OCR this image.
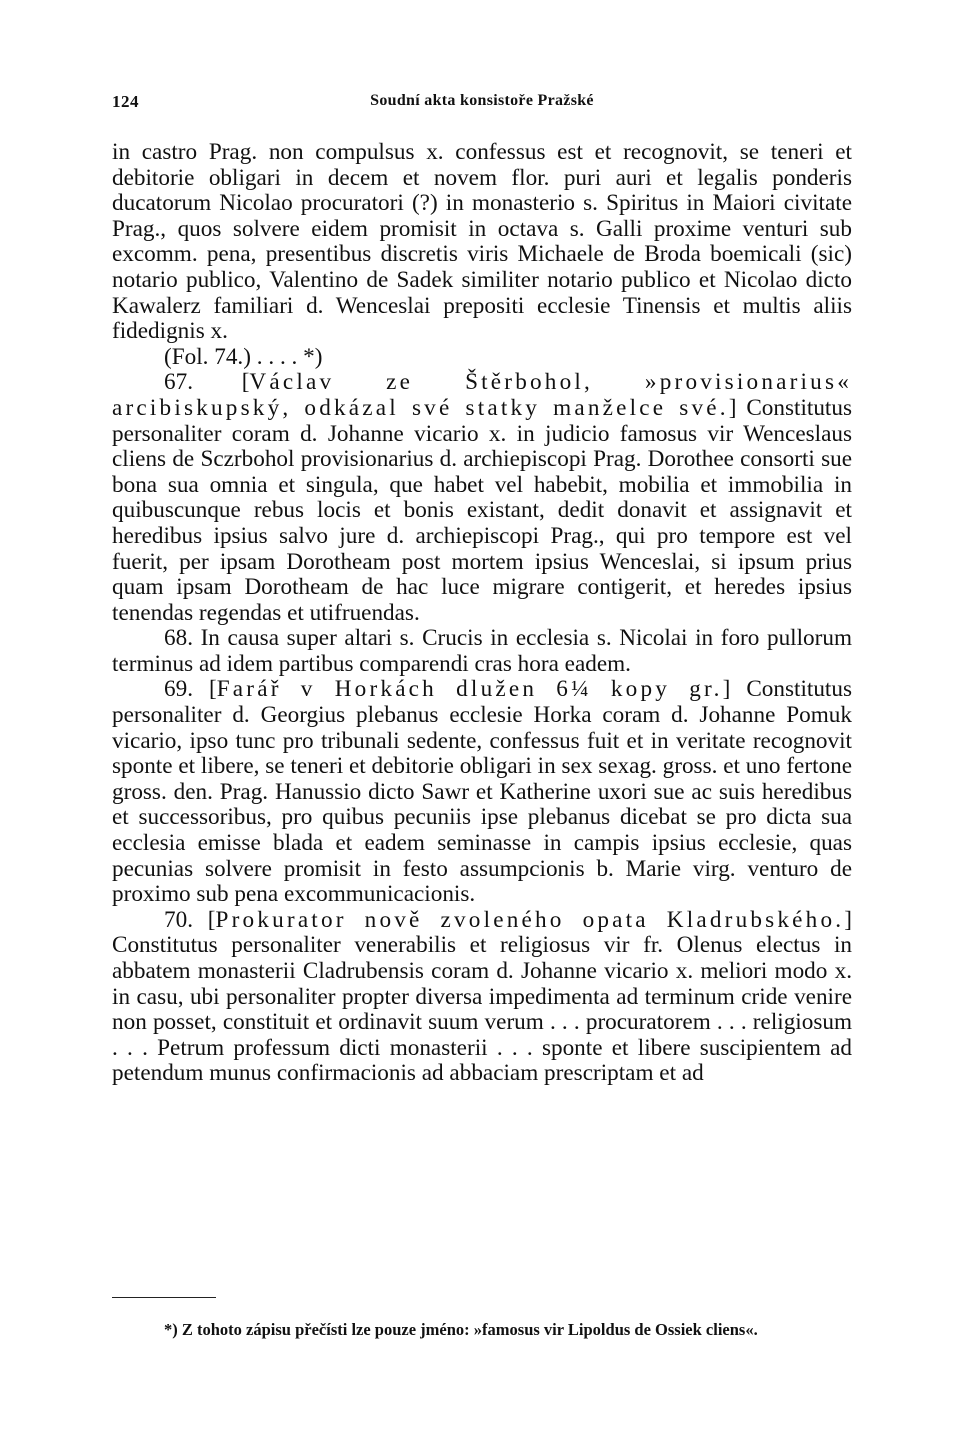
124	Soudní akta konsistoře Pražské

in castro Prag. non compulsus x. confessus est et recognovit, se teneri et debitorie obligari in decem et novem flor. puri auri et legalis ponderis ducatorum Nicolao procuratori (?) in monasterio s. Spiritus in Maiori civitate Prag., quos solvere eidem promisit in octava s. Galli proxime venturi sub excomm. pena, presentibus discretis viris Michaele de Broda boemicali (sic) notario publico, Valentino de Sadek similiter notario publico et Nicolao dicto Kawalerz familiari d. Wenceslai prepositi ecclesie Tinensis et multis aliis fidedignis x.

(Fol. 74.) . . . . *)

67. [Václav ze Štěrbohol, »provisionarius« arcibiskupský, odkázal své statky manželce své.] Constitutus personaliter coram d. Johanne vicario x. in judicio famosus vir Wenceslaus cliens de Sczrbohol provisionarius d. archiepiscopi Prag. Dorothee consorti sue bona sua omnia et singula, que habet vel habebit, mobilia et immobilia in quibuscunque rebus locis et bonis existant, dedit donavit et assignavit et heredibus ipsius salvo jure d. archiepiscopi Prag., qui pro tempore est vel fuerit, per ipsam Dorotheam post mortem ipsius Wenceslai, si ipsum prius quam ipsam Dorotheam de hac luce migrare contigerit, et heredes ipsius tenendas regendas et utifruendas.

68. In causa super altari s. Crucis in ecclesia s. Nicolai in foro pullorum terminus ad idem partibus comparendi cras hora eadem.

69. [Farář v Horkách dlužen 6¼ kopy gr.] Constitutus personaliter d. Georgius plebanus ecclesie Horka coram d. Johanne Pomuk vicario, ipso tunc pro tribunali sedente, confessus fuit et in veritate recognovit sponte et libere, se teneri et debitorie obligari in sex sexag. gross. et uno fertone gross. den. Prag. Hanussio dicto Sawr et Katherine uxori sue ac suis heredibus et successoribus, pro quibus pecuniis ipse plebanus dicebat se pro dicta sua ecclesia emisse blada et eadem seminasse in campis ipsius ecclesie, quas pecunias solvere promisit in festo assumpcionis b. Marie virg. venturo de proximo sub pena excommunicacionis.

70. [Prokurator nově zvoleného opata Kladrubského.] Constitutus personaliter venerabilis et religiosus vir fr. Olenus electus in abbatem monasterii Cladrubensis coram d. Johanne vicario x. meliori modo x. in casu, ubi personaliter propter diversa impedimenta ad terminum cride venire non posset, constituit et ordinavit suum verum . . . procuratorem . . . religiosum . . . Petrum professum dicti monasterii . . . sponte et libere suscipientem ad petendum munus confirmacionis ad abbaciam prescriptam et ad

*) Z tohoto zápisu přečísti lze pouze jméno: »famosus vir Lipoldus de Ossiek cliens«.
